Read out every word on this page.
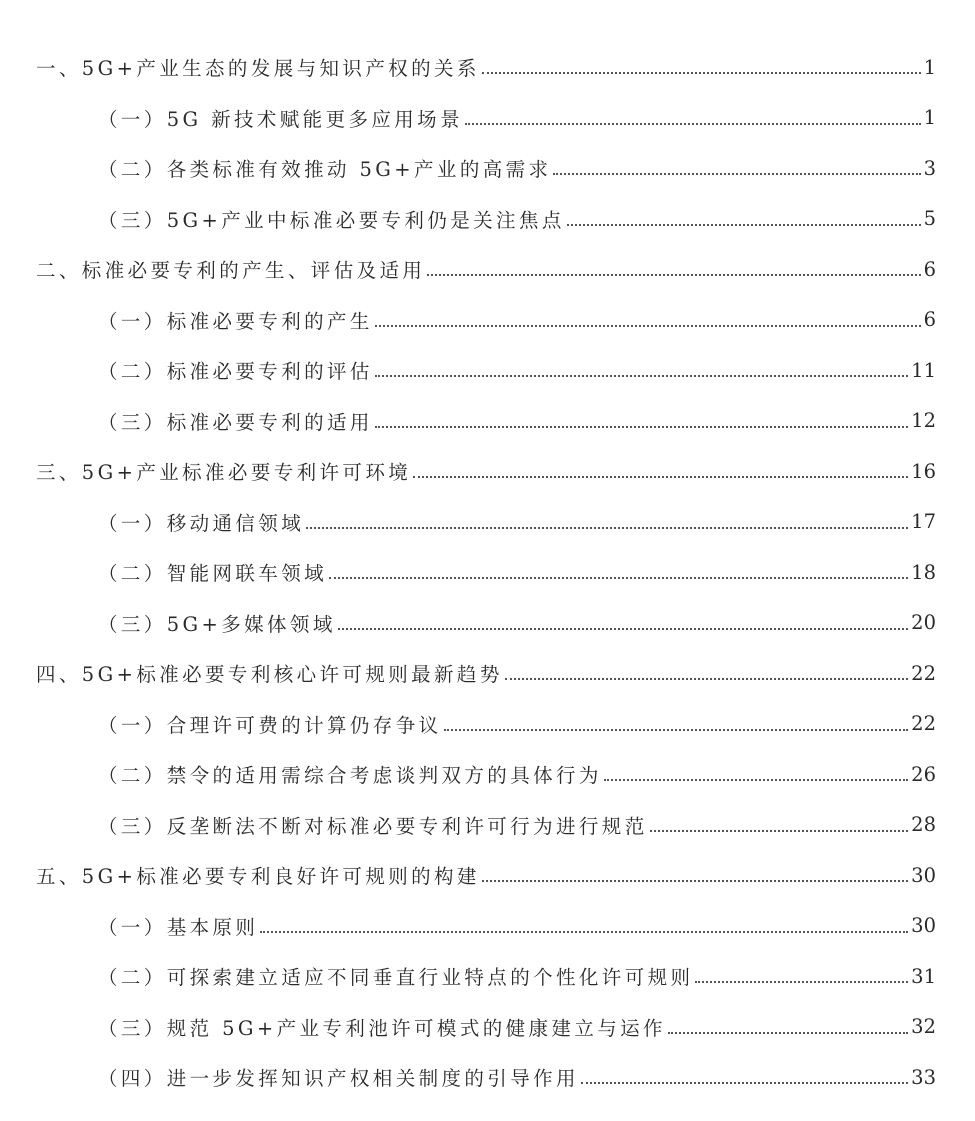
一、5G+产业生态的发展与知识产权的关系	1
（一）5G 新技术赋能更多应用场景	1
（二）各类标准有效推动 5G+产业的高需求	3
（三）5G+产业中标准必要专利仍是关注焦点	5
二、标准必要专利的产生、评估及适用	6
（一）标准必要专利的产生	6
（二）标准必要专利的评估	11
（三）标准必要专利的适用	12
三、5G+产业标准必要专利许可环境	16
（一）移动通信领域	17
（二）智能网联车领域	18
（三）5G+多媒体领域	20
四、5G+标准必要专利核心许可规则最新趋势	22
（一）合理许可费的计算仍存争议	22
（二）禁令的适用需综合考虑谈判双方的具体行为	26
（三）反垄断法不断对标准必要专利许可行为进行规范	28
五、5G+标准必要专利良好许可规则的构建	30
（一）基本原则	30
（二）可探索建立适应不同垂直行业特点的个性化许可规则	31
（三）规范 5G+产业专利池许可模式的健康建立与运作	32
（四）进一步发挥知识产权相关制度的引导作用	33
